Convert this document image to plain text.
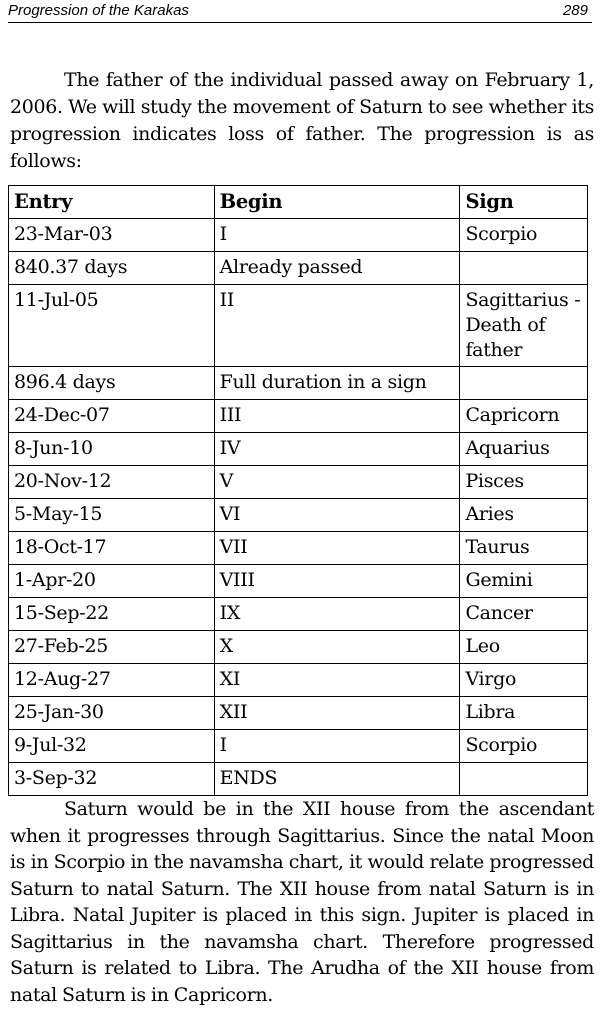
Progression of the Karakas	289

The father of the individual passed away on February 1, 2006. We will study the movement of Saturn to see whether its progression indicates loss of father. The progression is as follows:

Entry	Begin	Sign
23-Mar-03	I	Scorpio
840.37 days	Already passed	
11-Jul-05	II	Sagittarius -Death of father
896.4 days	Full duration in a sign	
24-Dec-07	III	Capricorn
8-Jun-10	IV	Aquarius
20-Nov-12	V	Pisces
5-May-15	VI	Aries
18-Oct-17	VII	Taurus
1-Apr-20	VIII	Gemini
15-Sep-22	IX	Cancer
27-Feb-25	X	Leo
12-Aug-27	XI	Virgo
25-Jan-30	XII	Libra
9-Jul-32	I	Scorpio
3-Sep-32	ENDS	

Saturn would be in the XII house from the ascendant when it progresses through Sagittarius. Since the natal Moon is in Scorpio in the navamsha chart, it would relate progressed Saturn to natal Saturn. The XII house from natal Saturn is in Libra. Natal Jupiter is placed in this sign. Jupiter is placed in Sagittarius in the navamsha chart. Therefore progressed Saturn is related to Libra. The Arudha of the XII house from natal Saturn is in Capricorn.
